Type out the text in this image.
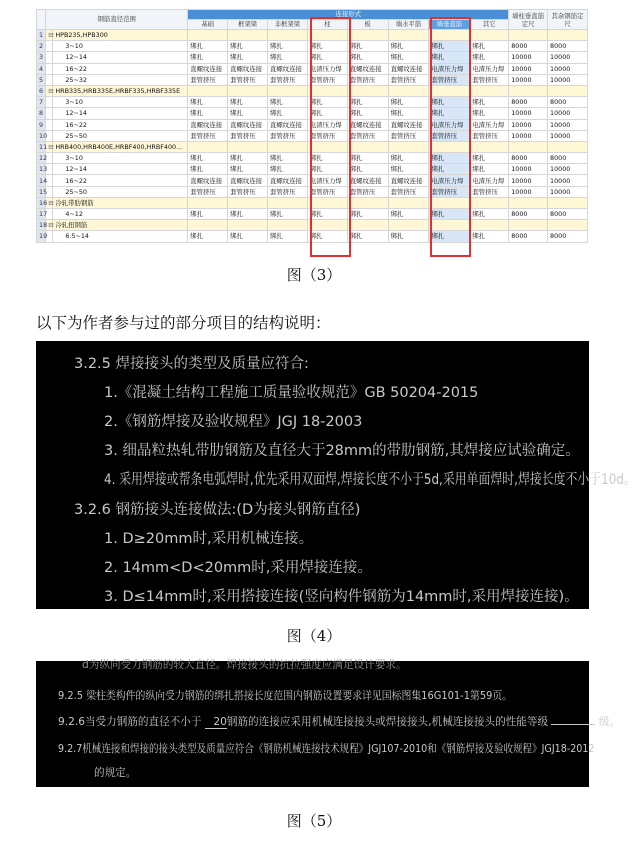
	钢筋直径范围		连接形式								墙柱垂直筋定尺	其余钢筋定尺
			基础	框架梁	非框架梁	柱	板	墙水平筋	墙垂直筋	其它		
1	⊟	HPB235,HPB300										
2		3~10	绑扎	绑扎	绑扎	绑扎	绑扎	绑扎	绑扎	绑扎	8000	8000
3		12~14	绑扎	绑扎	绑扎	绑扎	绑扎	绑扎	绑扎	绑扎	10000	10000
4		16~22	直螺纹连接	直螺纹连接	直螺纹连接	电渣压力焊	直螺纹连接	直螺纹连接	电渣压力焊	电渣压力焊	10000	10000
5		25~32	套管挤压	套管挤压	套管挤压	套管挤压	套管挤压	套管挤压	套管挤压	套管挤压	10000	10000
6	⊟	HRB335,HRB335E,HRBF335,HRBF335E										
7		3~10	绑扎	绑扎	绑扎	绑扎	绑扎	绑扎	绑扎	绑扎	8000	8000
8		12~14	绑扎	绑扎	绑扎	绑扎	绑扎	绑扎	绑扎	绑扎	10000	10000
9		16~22	直螺纹连接	直螺纹连接	直螺纹连接	电渣压力焊	直螺纹连接	直螺纹连接	电渣压力焊	电渣压力焊	10000	10000
10		25~50	套管挤压	套管挤压	套管挤压	套管挤压	套管挤压	套管挤压	套管挤压	套管挤压	10000	10000
11	⊟	HRB400,HRB400E,HRBF400,HRBF400...										
12		3~10	绑扎	绑扎	绑扎	绑扎	绑扎	绑扎	绑扎	绑扎	8000	8000
13		12~14	绑扎	绑扎	绑扎	绑扎	绑扎	绑扎	绑扎	绑扎	10000	10000
14		16~22	直螺纹连接	直螺纹连接	直螺纹连接	电渣压力焊	直螺纹连接	直螺纹连接	电渣压力焊	电渣压力焊	10000	10000
15		25~50	套管挤压	套管挤压	套管挤压	套管挤压	套管挤压	套管挤压	套管挤压	套管挤压	10000	10000
16	⊟	冷轧带肋钢筋										
17		4~12	绑扎	绑扎	绑扎	绑扎	绑扎	绑扎	绑扎	绑扎	8000	8000
18	⊟	冷轧扭钢筋										
19		6.5~14	绑扎	绑扎	绑扎	绑扎	绑扎	绑扎	绑扎	绑扎	8000	8000
图（3）
以下为作者参与过的部分项目的结构说明：
3.2.5 焊接接头的类型及质量应符合:
1.《混凝土结构工程施工质量验收规范》GB 50204-2015
2.《钢筋焊接及验收规程》JGJ 18-2003
3. 细晶粒热轧带肋钢筋及直径大于28mm的带肋钢筋,其焊接应试验确定。
4. 采用焊接或帮条电弧焊时,优先采用双面焊,焊接长度不小于5d,采用单面焊时,焊接长度不小于10d。
3.2.6 钢筋接头连接做法:(D为接头钢筋直径)
1. D≥20mm时,采用机械连接。
2. 14mm<D<20mm时,采用焊接连接。
3. D≤14mm时,采用搭接连接(竖向构件钢筋为14mm时,采用焊接连接)。
图（4）
d为纵向受力钢筋的较大直径。焊接接头的抗拉强度应满足设计要求。
9.2.5 梁柱类构件的纵向受力钢筋的绑扎搭接长度范围内钢筋设置要求详见国标图集16G101-1第59页。
9.2.6当受力钢筋的直径不小于 20钢筋的连接应采用机械连接接头或焊接接头,机械连接接头的性能等级	级。
9.2.7机械连接和焊接的接头类型及质量应符合《钢筋机械连接技术规程》JGJ107-2010和《钢筋焊接及验收规程》JGJ18-2012
的规定。
图（5）
